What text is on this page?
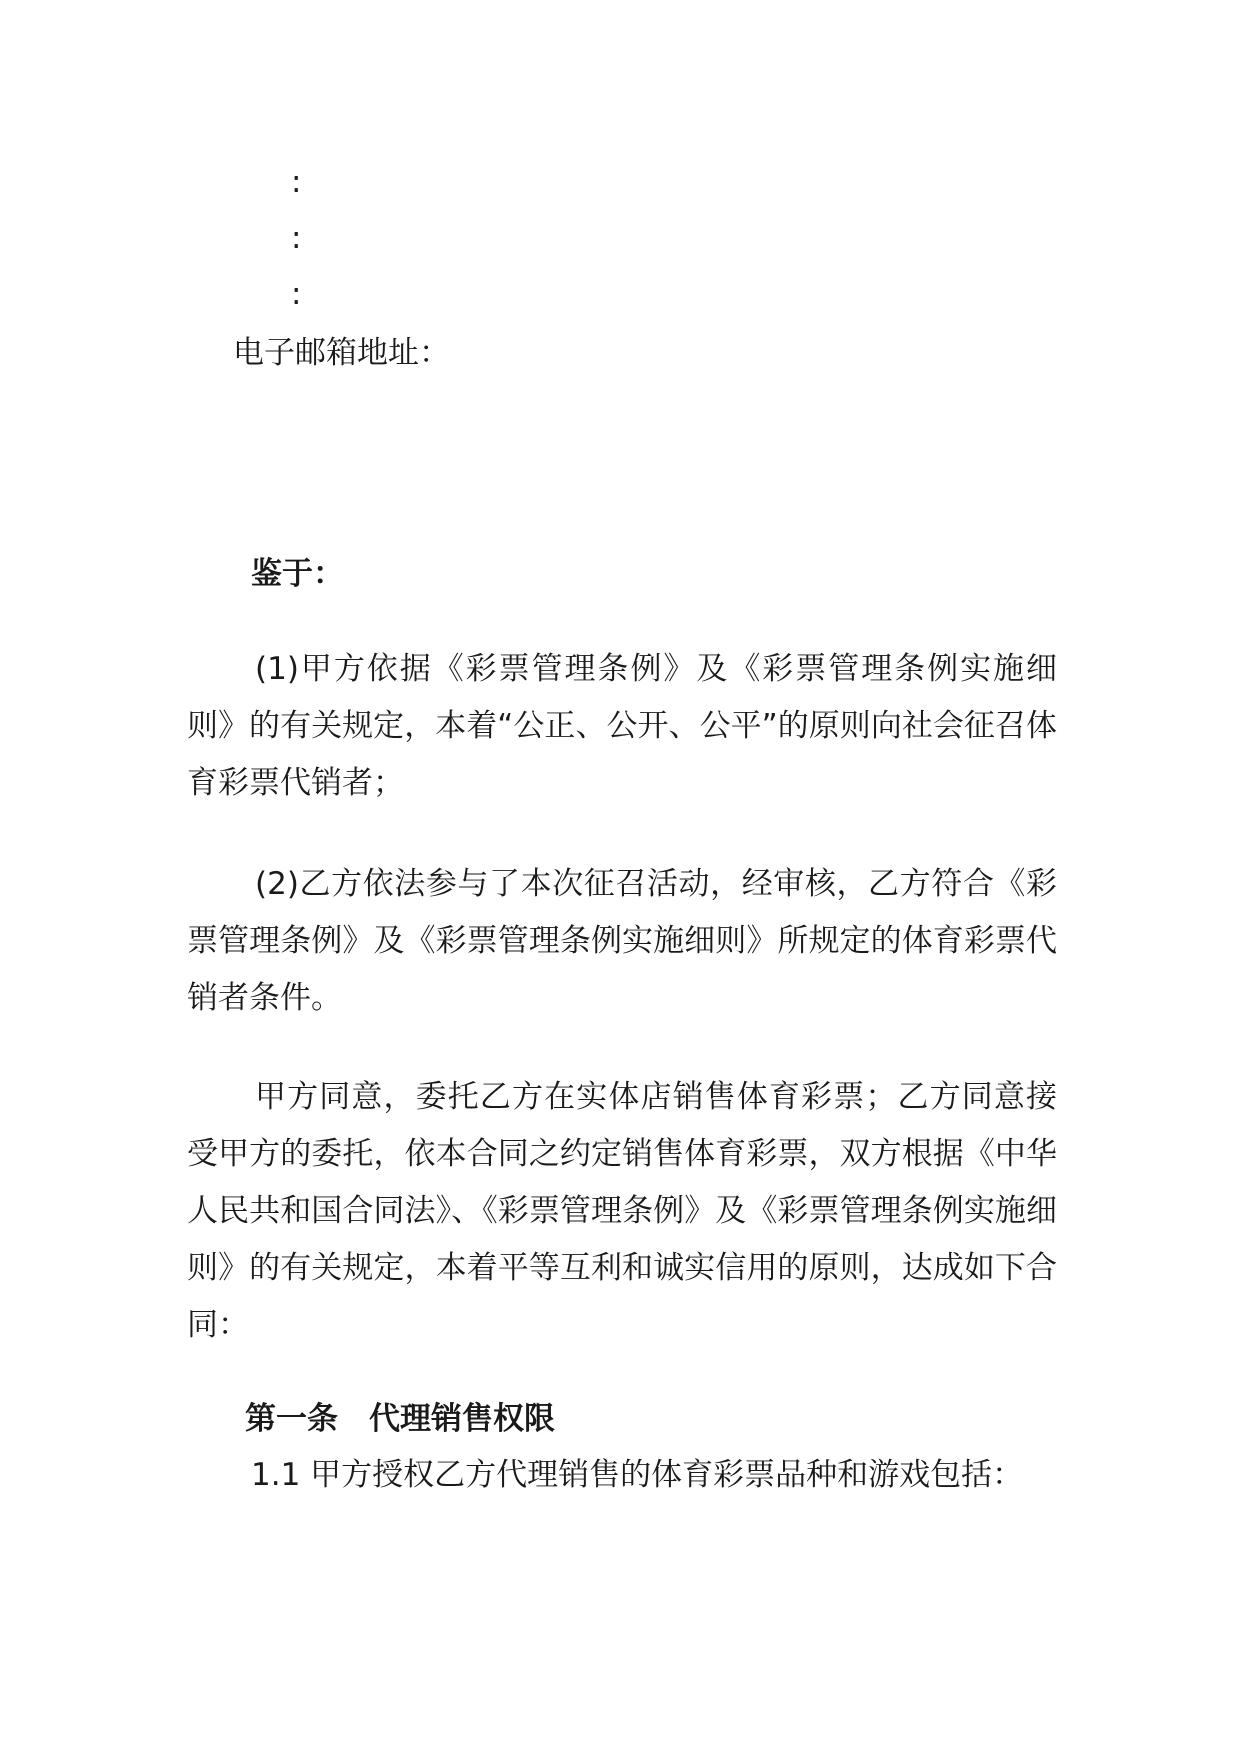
:
:
:
电子邮箱地址：
鉴于：
(1)甲方依据《彩票管理条例》及《彩票管理条例实施细则》的有关规定，本着“公正、公开、公平”的原则向社会征召体育彩票代销者；
(2)乙方依法参与了本次征召活动，经审核，乙方符合《彩票管理条例》及《彩票管理条例实施细则》所规定的体育彩票代销者条件。
甲方同意，委托乙方在实体店销售体育彩票；乙方同意接受甲方的委托，依本合同之约定销售体育彩票，双方根据《中华人民共和国合同法》、《彩票管理条例》及《彩票管理条例实施细则》的有关规定，本着平等互利和诚实信用的原则，达成如下合同：
第一条　代理销售权限
1.1 甲方授权乙方代理销售的体育彩票品种和游戏包括：
